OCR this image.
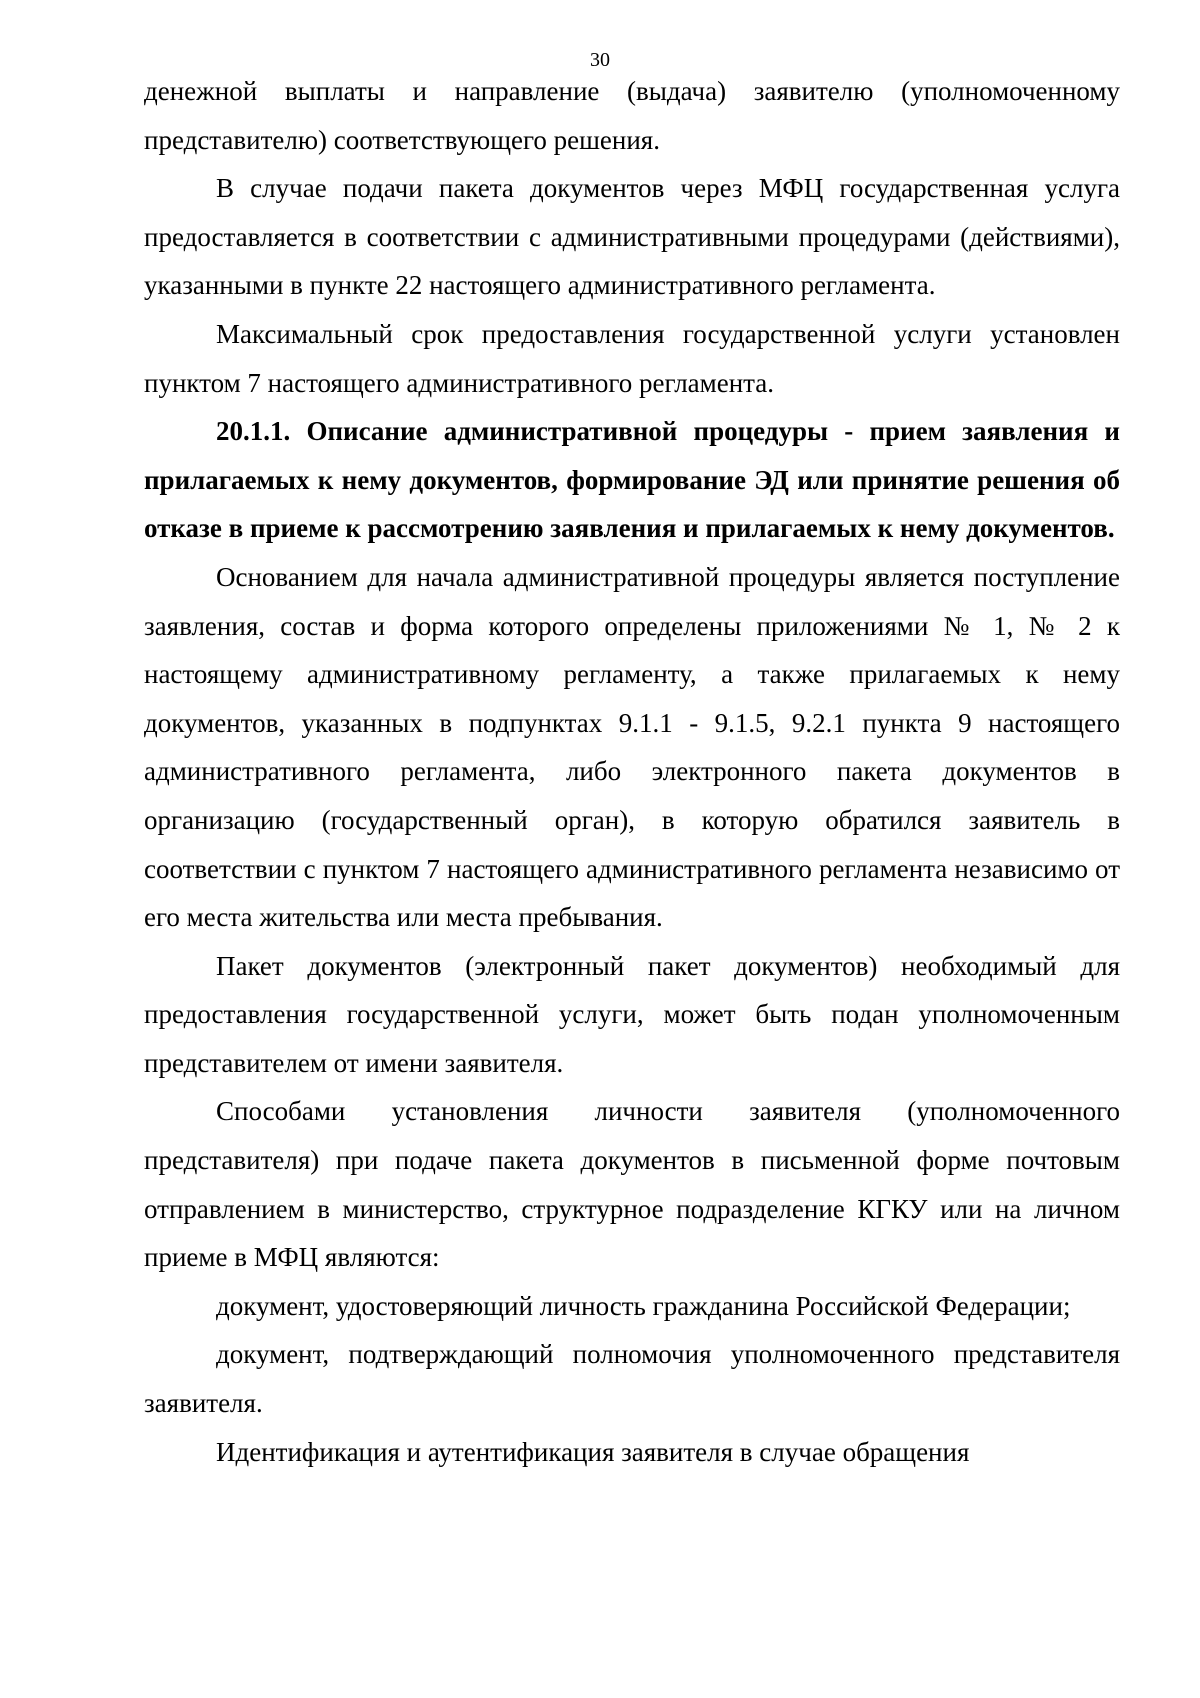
30

денежной выплаты и направление (выдача) заявителю (уполномоченному представителю) соответствующего решения.

В случае подачи пакета документов через МФЦ государственная услуга предоставляется в соответствии с административными процедурами (действиями), указанными в пункте 22 настоящего административного регламента.

Максимальный срок предоставления государственной услуги установлен пунктом 7 настоящего административного регламента.

20.1.1. Описание административной процедуры - прием заявления и прилагаемых к нему документов, формирование ЭД или принятие решения об отказе в приеме к рассмотрению заявления и прилагаемых к нему документов.

Основанием для начала административной процедуры является поступление заявления, состав и форма которого определены приложениями № 1, № 2 к настоящему административному регламенту, а также прилагаемых к нему документов, указанных в подпунктах 9.1.1 - 9.1.5, 9.2.1 пункта 9 настоящего административного регламента, либо электронного пакета документов в организацию (государственный орган), в которую обратился заявитель в соответствии с пунктом 7 настоящего административного регламента независимо от его места жительства или места пребывания.

Пакет документов (электронный пакет документов) необходимый для предоставления государственной услуги, может быть подан уполномоченным представителем от имени заявителя.

Способами установления личности заявителя (уполномоченного представителя) при подаче пакета документов в письменной форме почтовым отправлением в министерство, структурное подразделение КГКУ или на личном приеме в МФЦ являются:

документ, удостоверяющий личность гражданина Российской Федерации;

документ, подтверждающий полномочия уполномоченного представителя заявителя.

Идентификация и аутентификация заявителя в случае обращения
